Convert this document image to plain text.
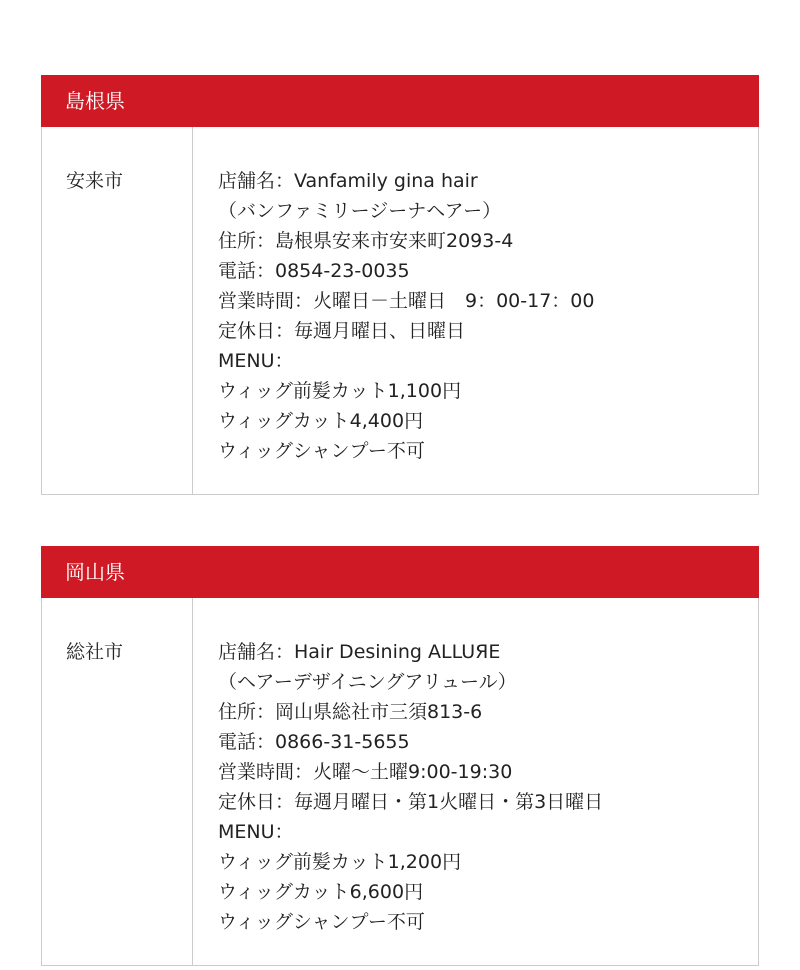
島根県
安来市	店舗名：Vanfamily gina hair
（バンファミリージーナヘアー）
住所：島根県安来市安来町2093-4
電話：0854-23-0035
営業時間：火曜日－土曜日　9：00-17：00
定休日：毎週月曜日、日曜日
MENU：
ウィッグ前髪カット1,100円
ウィッグカット4,400円
ウィッグシャンプー不可
岡山県
総社市	店舗名：Hair Desining ALLUЯE
（ヘアーデザイニングアリュール）
住所：岡山県総社市三須813-6
電話：0866-31-5655
営業時間：火曜～土曜9:00-19:30
定休日：毎週月曜日・第1火曜日・第3日曜日
MENU：
ウィッグ前髪カット1,200円
ウィッグカット6,600円
ウィッグシャンプー不可
